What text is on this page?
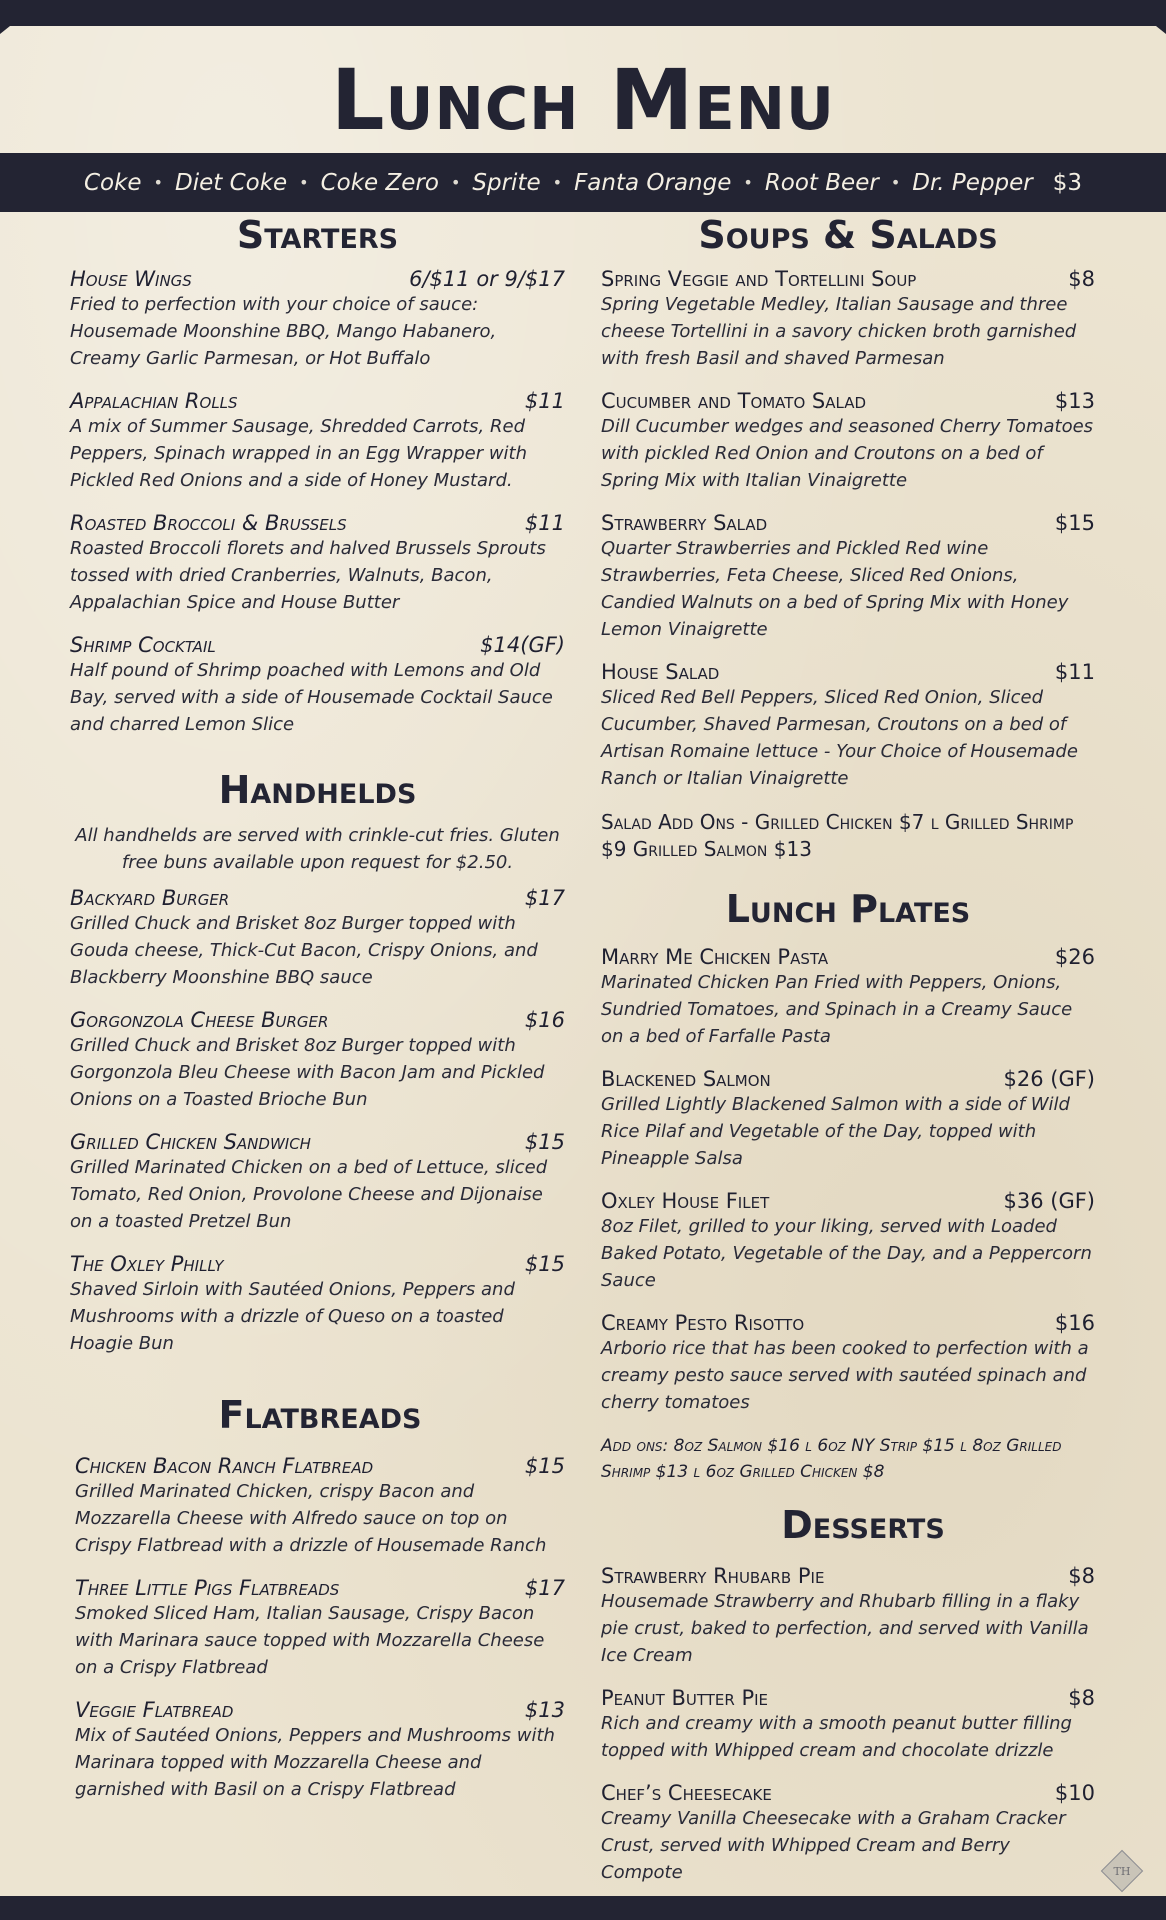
Lunch Menu
Coke • Diet Coke • Coke Zero • Sprite • Fanta Orange • Root Beer • Dr. Pepper $3
Starters
House Wings	6/$11 or 9/$17

Fried to perfection with your choice of sauce: Housemade Moonshine BBQ, Mango Habanero, Creamy Garlic Parmesan, or Hot Buffalo

Appalachian Rolls	$11

A mix of Summer Sausage, Shredded Carrots, Red Peppers, Spinach wrapped in an Egg Wrapper with Pickled Red Onions and a side of Honey Mustard.

Roasted Broccoli & Brussels	$11

Roasted Broccoli florets and halved Brussels Sprouts tossed with dried Cranberries, Walnuts, Bacon, Appalachian Spice and House Butter

Shrimp Cocktail	$14(GF)

Half pound of Shrimp poached with Lemons and Old Bay, served with a side of Housemade Cocktail Sauce and charred Lemon Slice

Handhelds

All handhelds are served with crinkle-cut fries. Gluten free buns available upon request for $2.50.

Backyard Burger	$17

Grilled Chuck and Brisket 8oz Burger topped with Gouda cheese, Thick-Cut Bacon, Crispy Onions, and Blackberry Moonshine BBQ sauce

Gorgonzola Cheese Burger	$16

Grilled Chuck and Brisket 8oz Burger topped with Gorgonzola Bleu Cheese with Bacon Jam and Pickled Onions on a Toasted Brioche Bun

Grilled Chicken Sandwich	$15

Grilled Marinated Chicken on a bed of Lettuce, sliced Tomato, Red Onion, Provolone Cheese and Dijonaise on a toasted Pretzel Bun

The Oxley Philly	$15

Shaved Sirloin with Sautéed Onions, Peppers and Mushrooms with a drizzle of Queso on a toasted Hoagie Bun

Flatbreads
Chicken Bacon Ranch Flatbread	$15

Grilled Marinated Chicken, crispy Bacon and Mozzarella Cheese with Alfredo sauce on top on Crispy Flatbread with a drizzle of Housemade Ranch

Three Little Pigs Flatbreads	$17

Smoked Sliced Ham, Italian Sausage, Crispy Bacon with Marinara sauce topped with Mozzarella Cheese on a Crispy Flatbread

Veggie Flatbread	$13

Mix of Sautéed Onions, Peppers and Mushrooms with Marinara topped with Mozzarella Cheese and garnished with Basil on a Crispy Flatbread

Soups & Salads
Spring Veggie and Tortellini Soup	$8

Spring Vegetable Medley, Italian Sausage and three cheese Tortellini in a savory chicken broth garnished with fresh Basil and shaved Parmesan

Cucumber and Tomato Salad	$13

Dill Cucumber wedges and seasoned Cherry Tomatoes with pickled Red Onion and Croutons on a bed of Spring Mix with Italian Vinaigrette

Strawberry Salad	$15

Quarter Strawberries and Pickled Red wine Strawberries, Feta Cheese, Sliced Red Onions, Candied Walnuts on a bed of Spring Mix with Honey Lemon Vinaigrette

House Salad	$11

Sliced Red Bell Peppers, Sliced Red Onion, Sliced Cucumber, Shaved Parmesan, Croutons on a bed of Artisan Romaine lettuce - Your Choice of Housemade Ranch or Italian Vinaigrette

Salad Add Ons - Grilled Chicken $7 l Grilled Shrimp $9 Grilled Salmon $13

Lunch Plates
Marry Me Chicken Pasta	$26

Marinated Chicken Pan Fried with Peppers, Onions, Sundried Tomatoes, and Spinach in a Creamy Sauce on a bed of Farfalle Pasta

Blackened Salmon	$26 (GF)

Grilled Lightly Blackened Salmon with a side of Wild Rice Pilaf and Vegetable of the Day, topped with Pineapple Salsa

Oxley House Filet	$36 (GF)

8oz Filet, grilled to your liking, served with Loaded Baked Potato, Vegetable of the Day, and a Peppercorn Sauce

Creamy Pesto Risotto	$16

Arborio rice that has been cooked to perfection with a creamy pesto sauce served with sautéed spinach and cherry tomatoes

Add ons: 8oz Salmon $16 l 6oz NY Strip $15 l 8oz Grilled Shrimp $13 l 6oz Grilled Chicken $8

Desserts
Strawberry Rhubarb Pie	$8

Housemade Strawberry and Rhubarb filling in a flaky pie crust, baked to perfection, and served with Vanilla Ice Cream

Peanut Butter Pie	$8

Rich and creamy with a smooth peanut butter filling topped with Whipped cream and chocolate drizzle

Chef’s Cheesecake	$10

Creamy Vanilla Cheesecake with a Graham Cracker Crust, served with Whipped Cream and Berry Compote	TH
